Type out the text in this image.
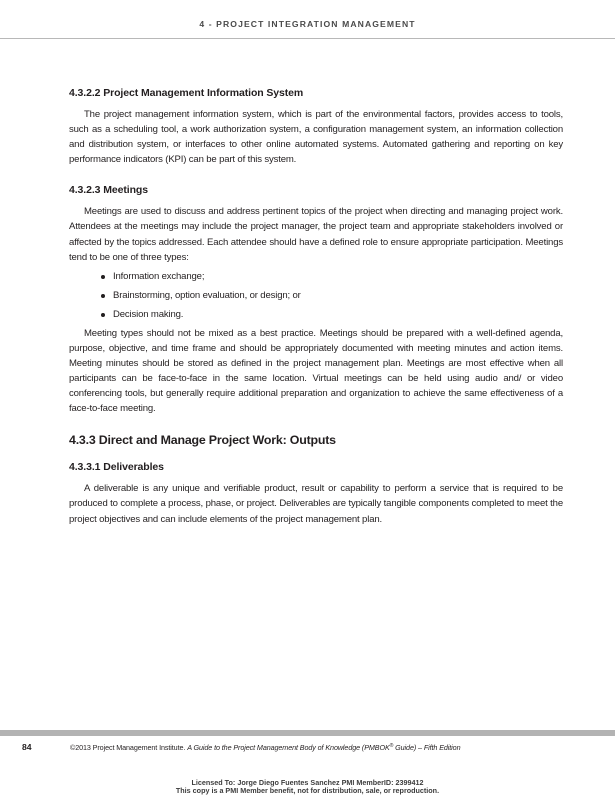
4 - PROJECT INTEGRATION MANAGEMENT
4.3.2.2 Project Management Information System

The project management information system, which is part of the environmental factors, provides access to tools, such as a scheduling tool, a work authorization system, a configuration management system, an information collection and distribution system, or interfaces to other online automated systems. Automated gathering and reporting on key performance indicators (KPI) can be part of this system.

4.3.2.3 Meetings

Meetings are used to discuss and address pertinent topics of the project when directing and managing project work. Attendees at the meetings may include the project manager, the project team and appropriate stakeholders involved or affected by the topics addressed. Each attendee should have a defined role to ensure appropriate participation. Meetings tend to be one of three types:

Information exchange;
Brainstorming, option evaluation, or design; or
Decision making.

Meeting types should not be mixed as a best practice. Meetings should be prepared with a well-defined agenda, purpose, objective, and time frame and should be appropriately documented with meeting minutes and action items. Meeting minutes should be stored as defined in the project management plan. Meetings are most effective when all participants can be face-to-face in the same location. Virtual meetings can be held using audio and/ or video conferencing tools, but generally require additional preparation and organization to achieve the same effectiveness of a face-to-face meeting.

4.3.3 Direct and Manage Project Work: Outputs
4.3.3.1 Deliverables

A deliverable is any unique and verifiable product, result or capability to perform a service that is required to be produced to complete a process, phase, or project. Deliverables are typically tangible components completed to meet the project objectives and can include elements of the project management plan.

84	©2013 Project Management Institute. A Guide to the Project Management Body of Knowledge (PMBOK® Guide) – Fifth Edition
Licensed To: Jorge Diego Fuentes Sanchez PMI MemberID: 2399412
This copy is a PMI Member benefit, not for distribution, sale, or reproduction.
